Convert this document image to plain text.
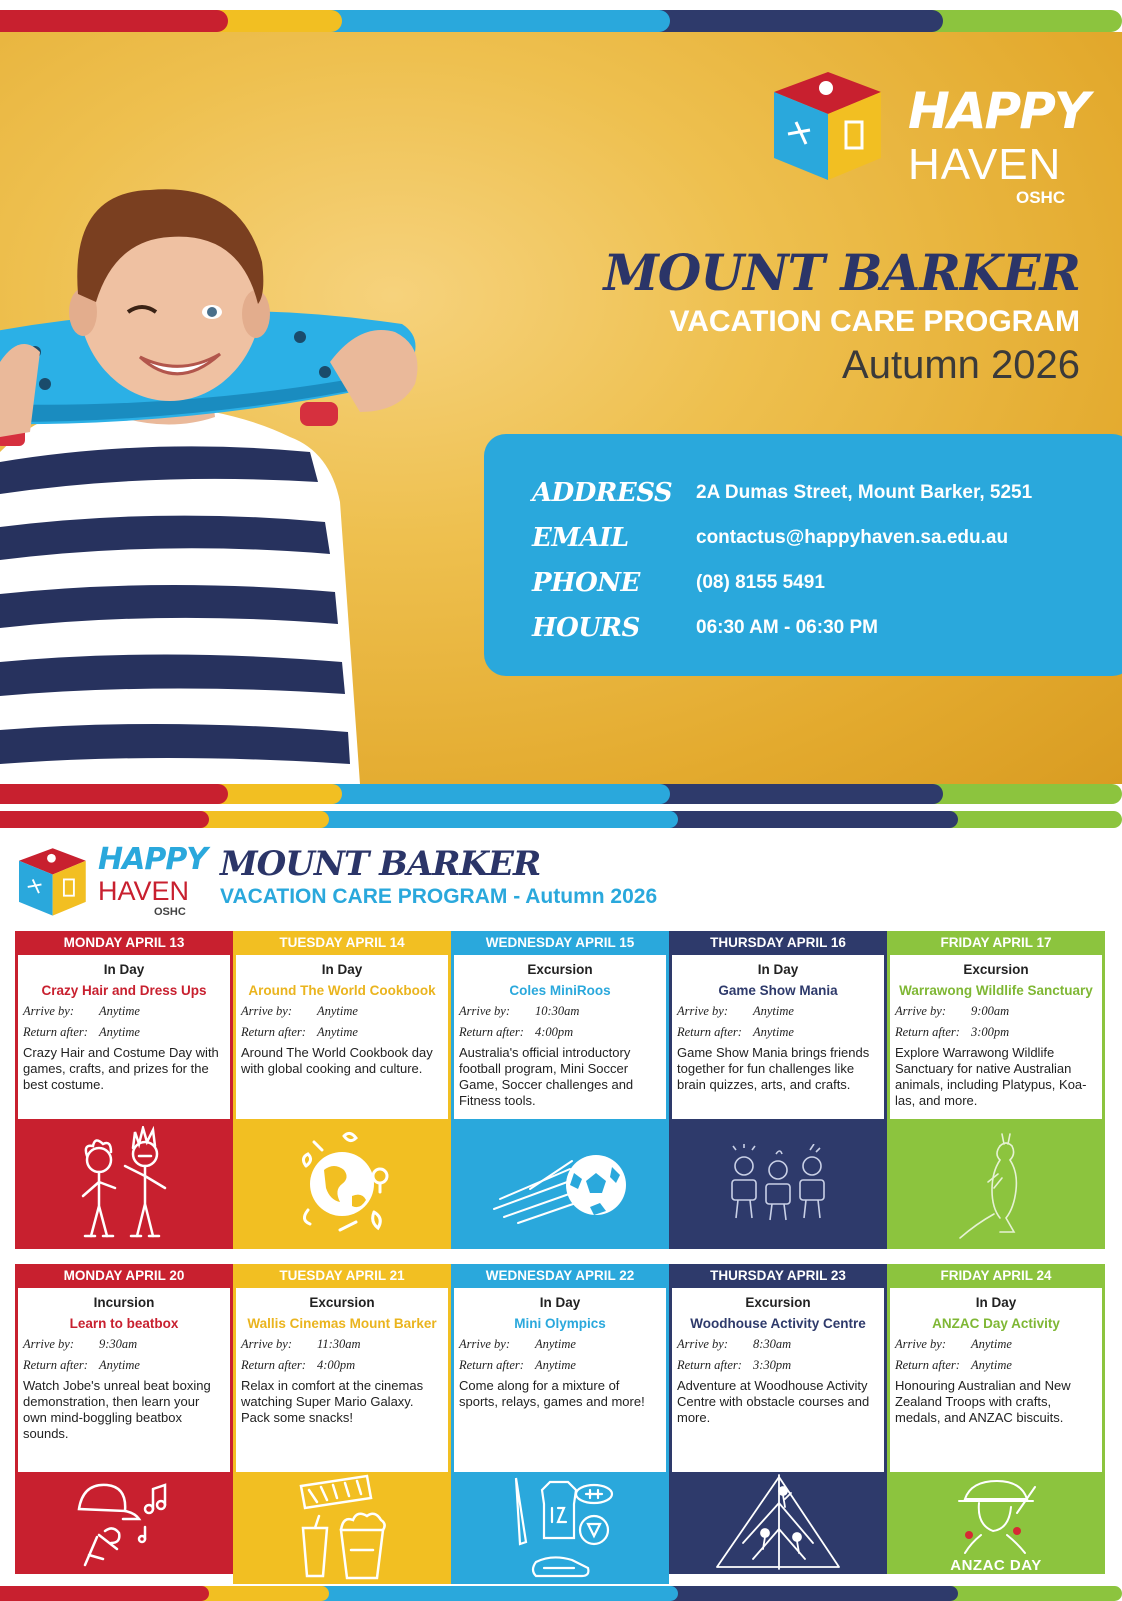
HAPPY
HAVEN
OSHC
MOUNT BARKER
VACATION CARE PROGRAM
Autumn 2026
ADDRESS	2A Dumas Street, Mount Barker, 5251
EMAIL	contactus@happyhaven.sa.edu.au
PHONE	(08) 8155 5491
HOURS	06:30 AM - 06:30 PM
HAPPY
HAVEN
OSHC
MOUNT BARKER
VACATION CARE PROGRAM - Autumn 2026
MONDAY APRIL 13
In Day
Crazy Hair and Dress Ups
Arrive by:	Anytime
Return after: Anytime
Crazy Hair and Costume Day with games, crafts, and prizes for the best costume.
TUESDAY APRIL 14
In Day
Around The World Cookbook
Arrive by:	Anytime
Return after: Anytime
Around The World Cookbook day with global cooking and culture.
WEDNESDAY APRIL 15
Excursion
Coles MiniRoos
Arrive by:	10:30am
Return after: 4:00pm
Australia's official introductory football program, Mini Soccer Game, Soccer challenges and Fitness tools.
THURSDAY APRIL 16
In Day
Game Show Mania
Arrive by:	Anytime
Return after: Anytime
Game Show Mania brings friends together for fun challenges like brain quizzes, arts, and crafts.
FRIDAY APRIL 17
Excursion
Warrawong Wildlife Sanctuary
Arrive by:	9:00am
Return after: 3:00pm
Explore Warrawong Wildlife Sanctuary for native Australian animals, including Platypus, Koa-las, and more.
MONDAY APRIL 20
Incursion
Learn to beatbox
Arrive by:	9:30am
Return after: Anytime
Watch Jobe's unreal beat boxing demonstration, then learn your own mind-boggling beatbox sounds.
TUESDAY APRIL 21
Excursion
Wallis Cinemas Mount Barker
Arrive by:	11:30am
Return after: 4:00pm
Relax in comfort at the cinemas watching Super Mario Galaxy. Pack some snacks!
WEDNESDAY APRIL 22
In Day
Mini Olympics
Arrive by:	Anytime
Return after: Anytime
Come along for a mixture of sports, relays, games and more!
THURSDAY APRIL 23
Excursion
Woodhouse Activity Centre
Arrive by:	8:30am
Return after: 3:30pm
Adventure at Woodhouse Activity Centre with obstacle courses and more.
FRIDAY APRIL 24
In Day
ANZAC Day Activity
Arrive by:	Anytime
Return after: Anytime
Honouring Australian and New Zealand Troops with crafts, medals, and ANZAC biscuits.
ANZAC DAY
